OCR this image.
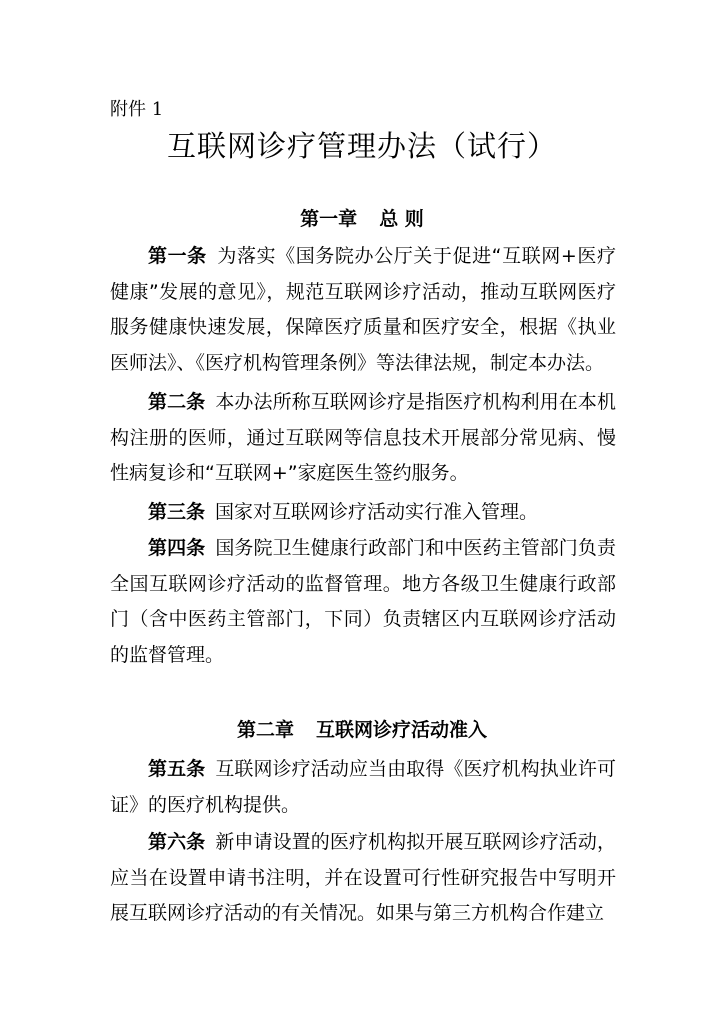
附件 1
互联网诊疗管理办法（试行）
第一章 总 则
第一条 为落实《国务院办公厅关于促进“互联网+医疗健康”发展的意见》，规范互联网诊疗活动，推动互联网医疗服务健康快速发展，保障医疗质量和医疗安全，根据《执业医师法》、《医疗机构管理条例》等法律法规，制定本办法。
第二条 本办法所称互联网诊疗是指医疗机构利用在本机构注册的医师，通过互联网等信息技术开展部分常见病、慢性病复诊和“互联网+”家庭医生签约服务。
第三条 国家对互联网诊疗活动实行准入管理。
第四条 国务院卫生健康行政部门和中医药主管部门负责全国互联网诊疗活动的监督管理。地方各级卫生健康行政部门（含中医药主管部门，下同）负责辖区内互联网诊疗活动的监督管理。
第二章 互联网诊疗活动准入
第五条 互联网诊疗活动应当由取得《医疗机构执业许可证》的医疗机构提供。
第六条 新申请设置的医疗机构拟开展互联网诊疗活动，应当在设置申请书注明，并在设置可行性研究报告中写明开展互联网诊疗活动的有关情况。如果与第三方机构合作建立
